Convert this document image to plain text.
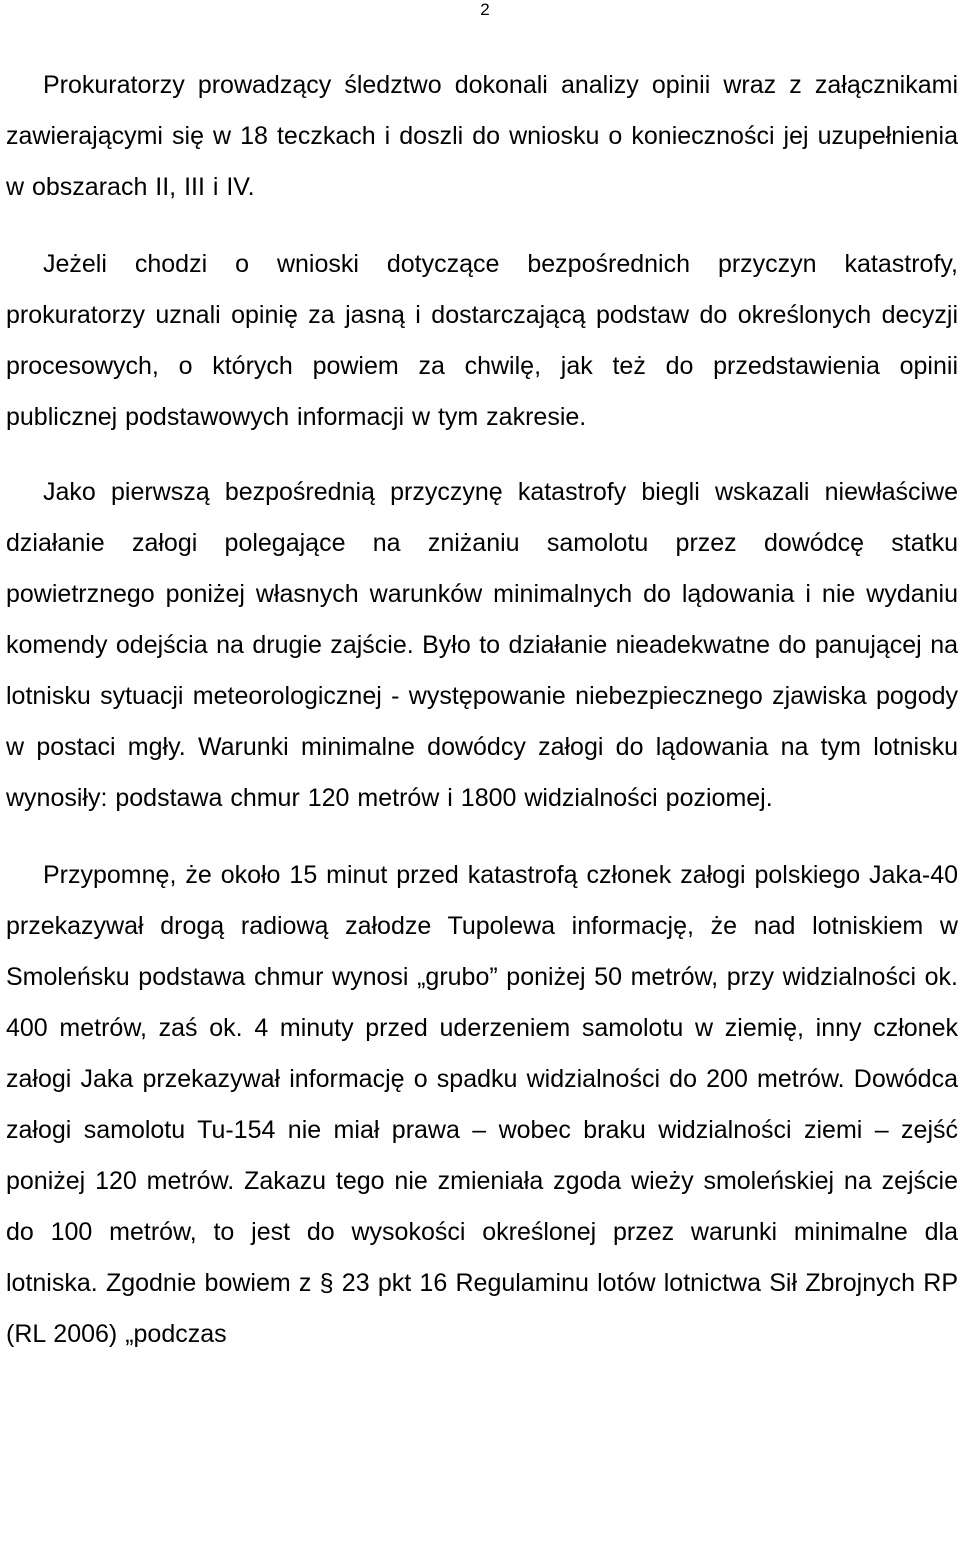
2

Prokuratorzy prowadzący śledztwo dokonali analizy opinii wraz z załącznikami zawierającymi się w 18 teczkach i doszli do wniosku o konieczności jej uzupełnienia w obszarach II, III i IV.

Jeżeli chodzi o wnioski dotyczące bezpośrednich przyczyn katastrofy, prokuratorzy uznali opinię za jasną i dostarczającą podstaw do określonych decyzji procesowych, o których powiem za chwilę, jak też do przedstawienia opinii publicznej podstawowych informacji w tym zakresie.

Jako pierwszą bezpośrednią przyczynę katastrofy biegli wskazali niewłaściwe działanie załogi polegające na zniżaniu samolotu przez dowódcę statku powietrznego poniżej własnych warunków minimalnych do lądowania i nie wydaniu komendy odejścia na drugie zajście. Było to działanie nieadekwatne do panującej na lotnisku sytuacji meteorologicznej - występowanie niebezpiecznego zjawiska pogody w postaci mgły. Warunki minimalne dowódcy załogi do lądowania na tym lotnisku wynosiły: podstawa chmur 120 metrów i 1800 widzialności poziomej.

Przypomnę, że około 15 minut przed katastrofą członek załogi polskiego Jaka-40 przekazywał drogą radiową załodze Tupolewa informację, że nad lotniskiem w Smoleńsku podstawa chmur wynosi „grubo” poniżej 50 metrów, przy widzialności ok. 400 metrów, zaś ok. 4 minuty przed uderzeniem samolotu w ziemię, inny członek załogi Jaka przekazywał informację o spadku widzialności do 200 metrów. Dowódca załogi samolotu Tu-154 nie miał prawa – wobec braku widzialności ziemi – zejść poniżej 120 metrów. Zakazu tego nie zmieniała zgoda wieży smoleńskiej na zejście do 100 metrów, to jest do wysokości określonej przez warunki minimalne dla lotniska. Zgodnie bowiem z § 23 pkt 16 Regulaminu lotów lotnictwa Sił Zbrojnych RP (RL 2006) „podczas
